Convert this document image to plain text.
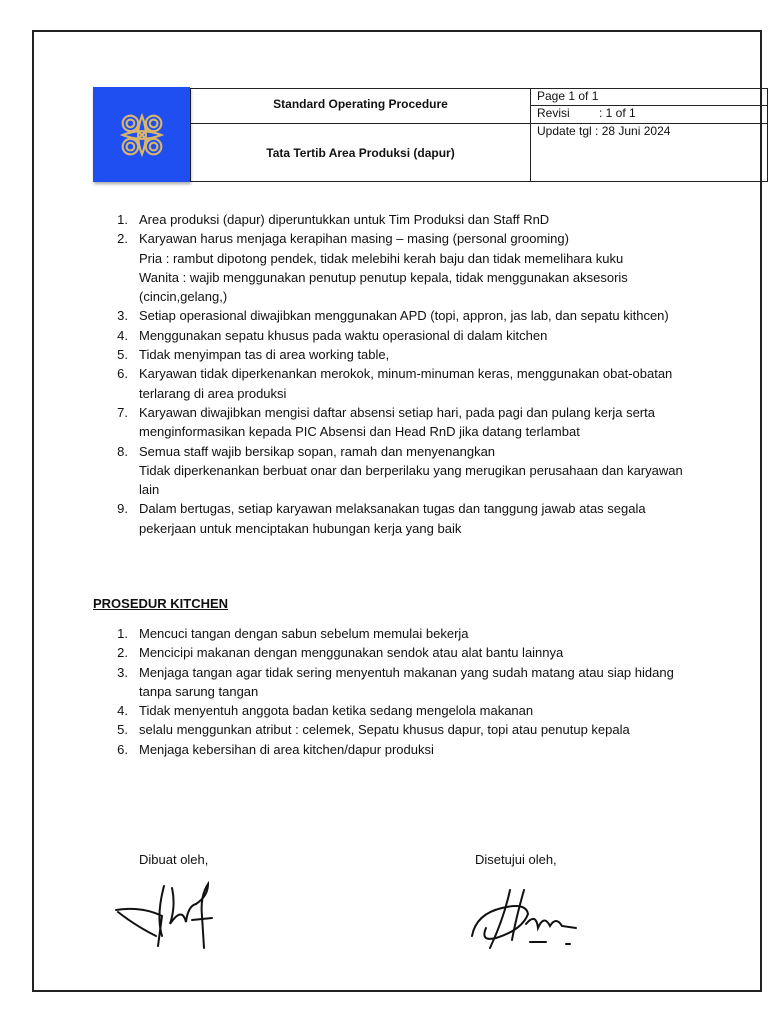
Standard Operating Procedure	Page 1 of 1
Revisi : 1 of 1

Tata Tertib Area Produksi (dapur)	Update tgl : 28 Juni 2024
1 . Area produksi (dapur) diperuntukkan untuk Tim Produksi dan Staff RnD
2 . Karyawan harus menjaga kerapihan masing – masing (personal grooming)
Pria : rambut dipotong pendek, tidak melebihi kerah baju dan tidak memelihara kuku
Wanita : wajib menggunakan penutup penutup kepala, tidak menggunakan aksesoris (cincin,gelang,)
3 . Setiap operasional diwajibkan menggunakan APD (topi, appron, jas lab, dan sepatu kithcen)
4 . Menggunakan sepatu khusus pada waktu operasional di dalam kitchen
5 . Tidak menyimpan tas di area working table,
6 . Karyawan tidak diperkenankan merokok, minum-minuman keras, menggunakan obat-obatan terlarang di area produksi
7 . Karyawan diwajibkan mengisi daftar absensi setiap hari, pada pagi dan pulang kerja serta menginformasikan kepada PIC Absensi dan Head RnD jika datang terlambat
8 . Semua staff wajib bersikap sopan, ramah dan menyenangkan
Tidak diperkenankan berbuat onar dan berperilaku yang merugikan perusahaan dan karyawan lain
9 . Dalam bertugas, setiap karyawan melaksanakan tugas dan tanggung jawab atas segala pekerjaan untuk menciptakan hubungan kerja yang baik
PROSEDUR KITCHEN
1 . Mencuci tangan dengan sabun sebelum memulai bekerja
2 . Mencicipi makanan dengan menggunakan sendok atau alat bantu lainnya
3 . Menjaga tangan agar tidak sering menyentuh makanan yang sudah matang atau siap hidang tanpa sarung tangan
4 . Tidak menyentuh anggota badan ketika sedang mengelola makanan
5 . selalu menggunkan atribut : celemek, Sepatu khusus dapur, topi atau penutup kepala
6 . Menjaga kebersihan di area kitchen/dapur produksi
Dibuat oleh,	Disetujui oleh,
